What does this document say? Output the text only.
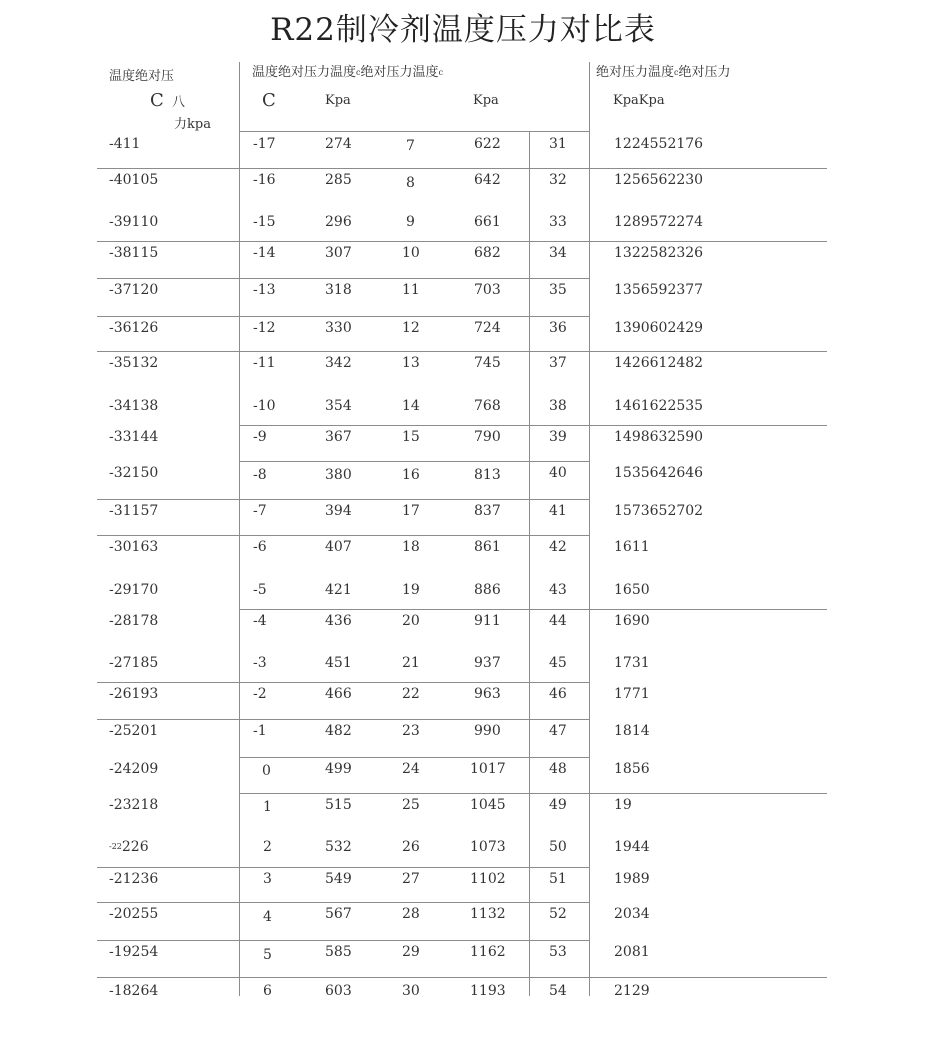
R22制冷剂温度压力对比表
温度绝对压
C 八
力kpa
温度绝对压力温度$^c$绝对压力温度$^c$
C	Kpa	Kpa
绝对压力温度$^c$绝对压力
KpaKpa
-411	-17	274	7	622	31	1224552176
-40105	-16	285	8	642	32	1256562230
-39110	-15	296	9	661	33	1289572274
-38115	-14	307	10	682	34	1322582326
-37120	-13	318	11	703	35	1356592377
-36126	-12	330	12	724	36	1390602429
-35132	-11	342	13	745	37	1426612482
-34138	-10	354	14	768	38	1461622535
-33144	-9	367	15	790	39	1498632590
-32150	-8	380	16	813	40	1535642646
-31157	-7	394	17	837	41	1573652702
-30163	-6	407	18	861	42	1611
-29170	-5	421	19	886	43	1650
-28178	-4	436	20	911	44	1690
-27185	-3	451	21	937	45	1731
-26193	-2	466	22	963	46	1771
-25201	-1	482	23	990	47	1814
-24209	0	499	24	1017	48	1856
-23218	1	515	25	1045	49	19
$^{-22}$226	2	532	26	1073	50	1944
-21236	3	549	27	1102	51	1989
-20255	4	567	28	1132	52	2034
-19254	5	585	29	1162	53	2081
-18264	6	603	30	1193	54	2129
